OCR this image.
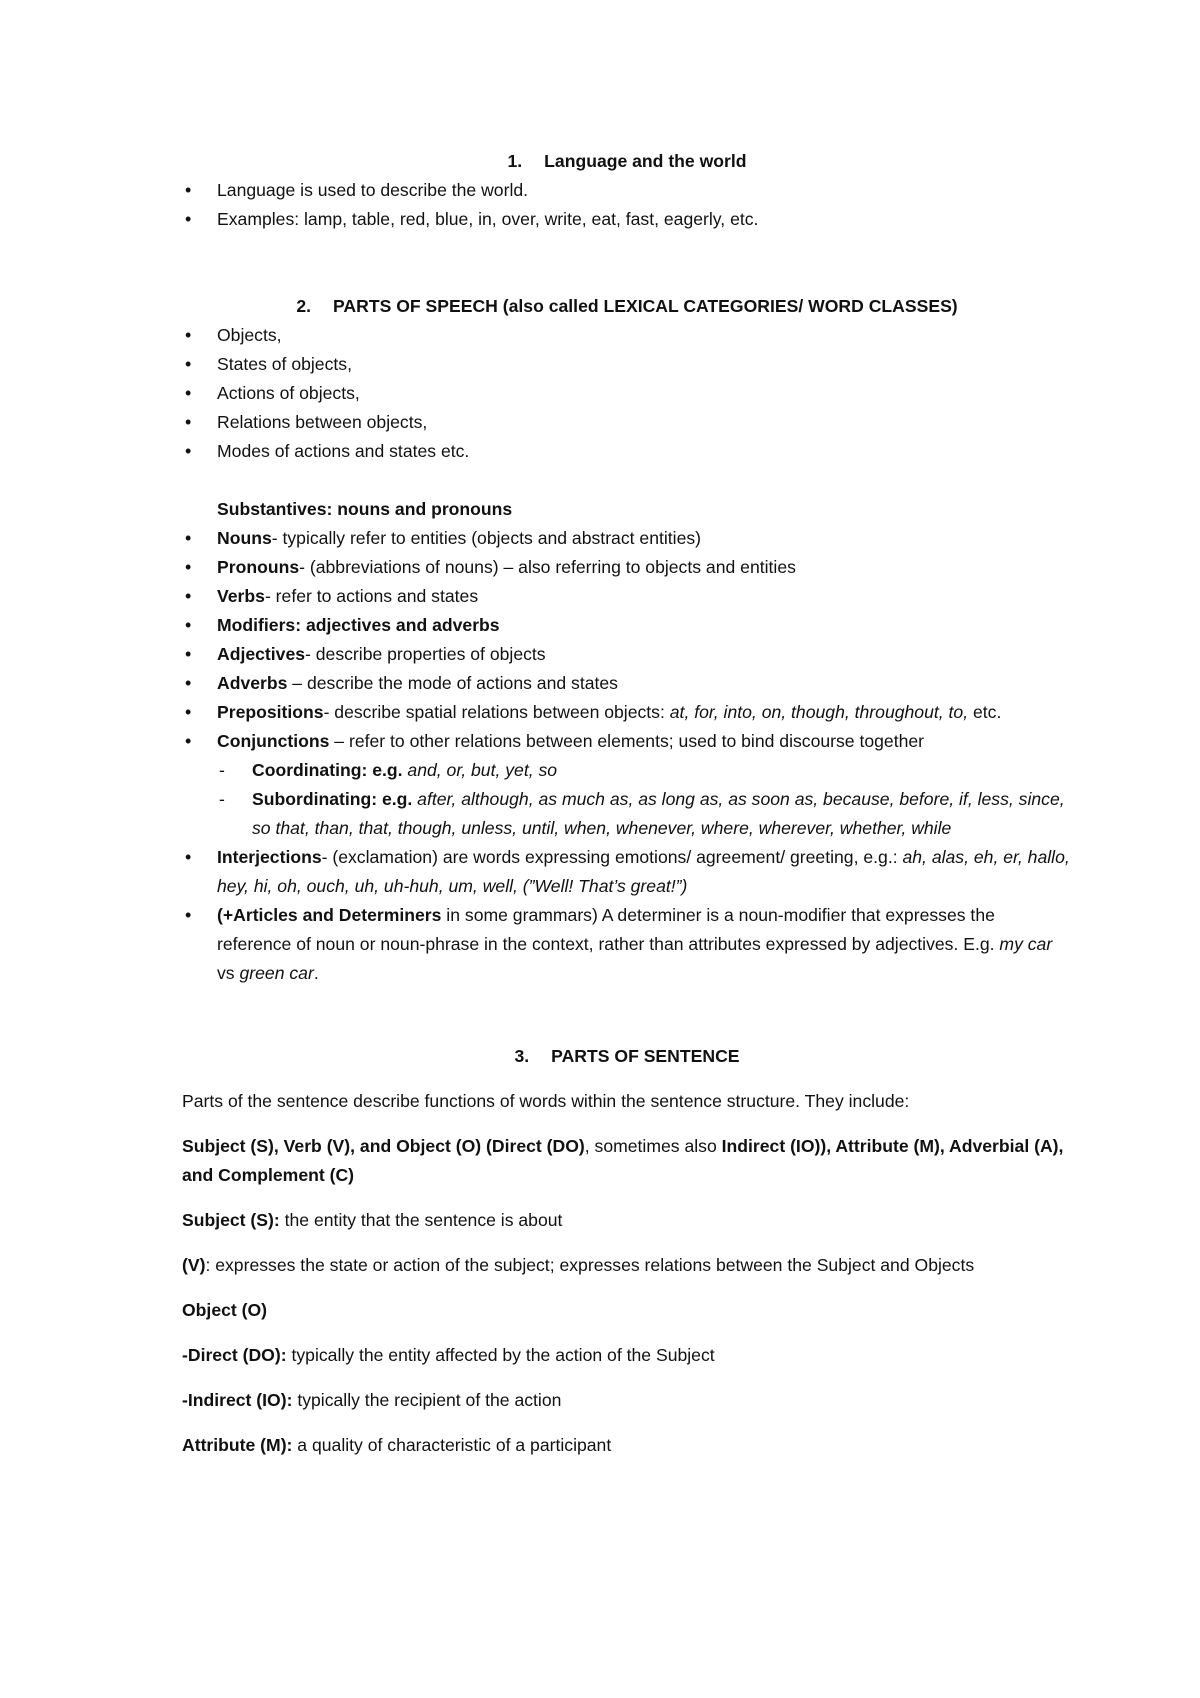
1. Language and the world
• Language is used to describe the world.
• Examples: lamp, table, red, blue, in, over, write, eat, fast, eagerly, etc.
2. PARTS OF SPEECH (also called LEXICAL CATEGORIES/ WORD CLASSES)
• Objects,
• States of objects,
• Actions of objects,
• Relations between objects,
• Modes of actions and states etc.
Substantives: nouns and pronouns
• Nouns- typically refer to entities (objects and abstract entities)
• Pronouns- (abbreviations of nouns) – also referring to objects and entities
• Verbs- refer to actions and states
• Modifiers: adjectives and adverbs
• Adjectives- describe properties of objects
• Adverbs – describe the mode of actions and states
• Prepositions- describe spatial relations between objects: at, for, into, on, though, throughout, to, etc.
• Conjunctions – refer to other relations between elements; used to bind discourse together
- Coordinating: e.g. and, or, but, yet, so
- Subordinating: e.g. after, although, as much as, as long as, as soon as, because, before, if, less, since, so that, than, that, though, unless, until, when, whenever, where, wherever, whether, while
• Interjections- (exclamation) are words expressing emotions/ agreement/ greeting, e.g.: ah, alas, eh, er, hallo, hey, hi, oh, ouch, uh, uh-huh, um, well, (”Well! That’s great!”)
• (+Articles and Determiners in some grammars) A determiner is a noun-modifier that expresses the reference of noun or noun-phrase in the context, rather than attributes expressed by adjectives. E.g. my car vs green car.
3. PARTS OF SENTENCE

Parts of the sentence describe functions of words within the sentence structure. They include:

Subject (S), Verb (V), and Object (O) (Direct (DO), sometimes also Indirect (IO)), Attribute (M), Adverbial (A), and Complement (C)

Subject (S): the entity that the sentence is about

(V): expresses the state or action of the subject; expresses relations between the Subject and Objects

Object (O)

-Direct (DO): typically the entity affected by the action of the Subject

-Indirect (IO): typically the recipient of the action

Attribute (M): a quality of characteristic of a participant
